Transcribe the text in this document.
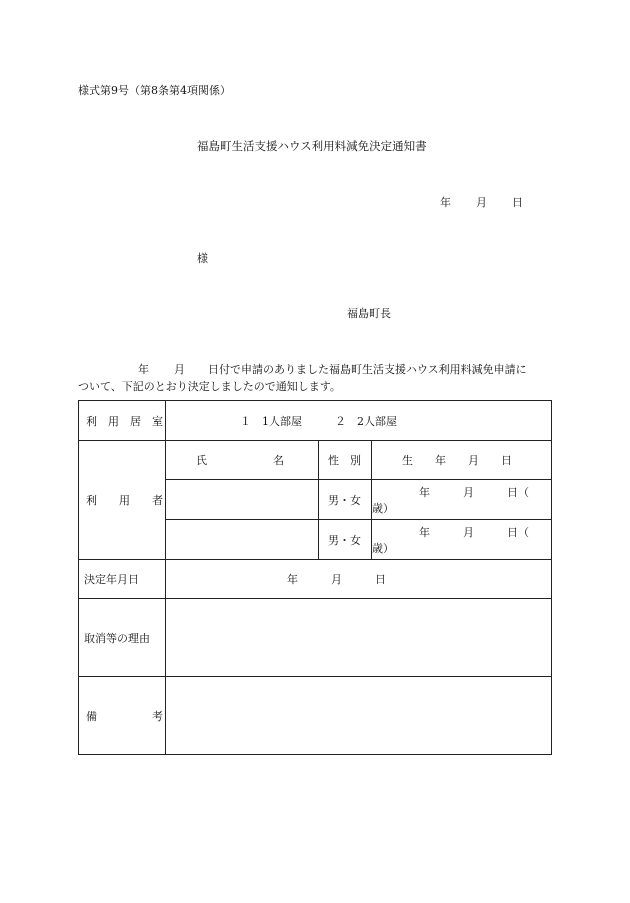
様式第9号（第8条第4項関係）
福島町生活支援ハウス利用料減免決定通知書
年 月 日
様
福島町長
年 月 日付で申請のありました福島町生活支援ハウス利用料減免申請に
ついて、下記のとおり決定しましたので通知します。
利　用　居　室	１　1人部屋　　　２　2人部屋		
利　　用　　者	氏　　　　　　名	性　別	生　　年　　月　　日
		男・女	年　　　月　　　日（　　歳）
		男・女	年　　　月　　　日（　　歳）
決定年月日	年　　　月　　　日		
取消等の理由			
備　　　　　考			
